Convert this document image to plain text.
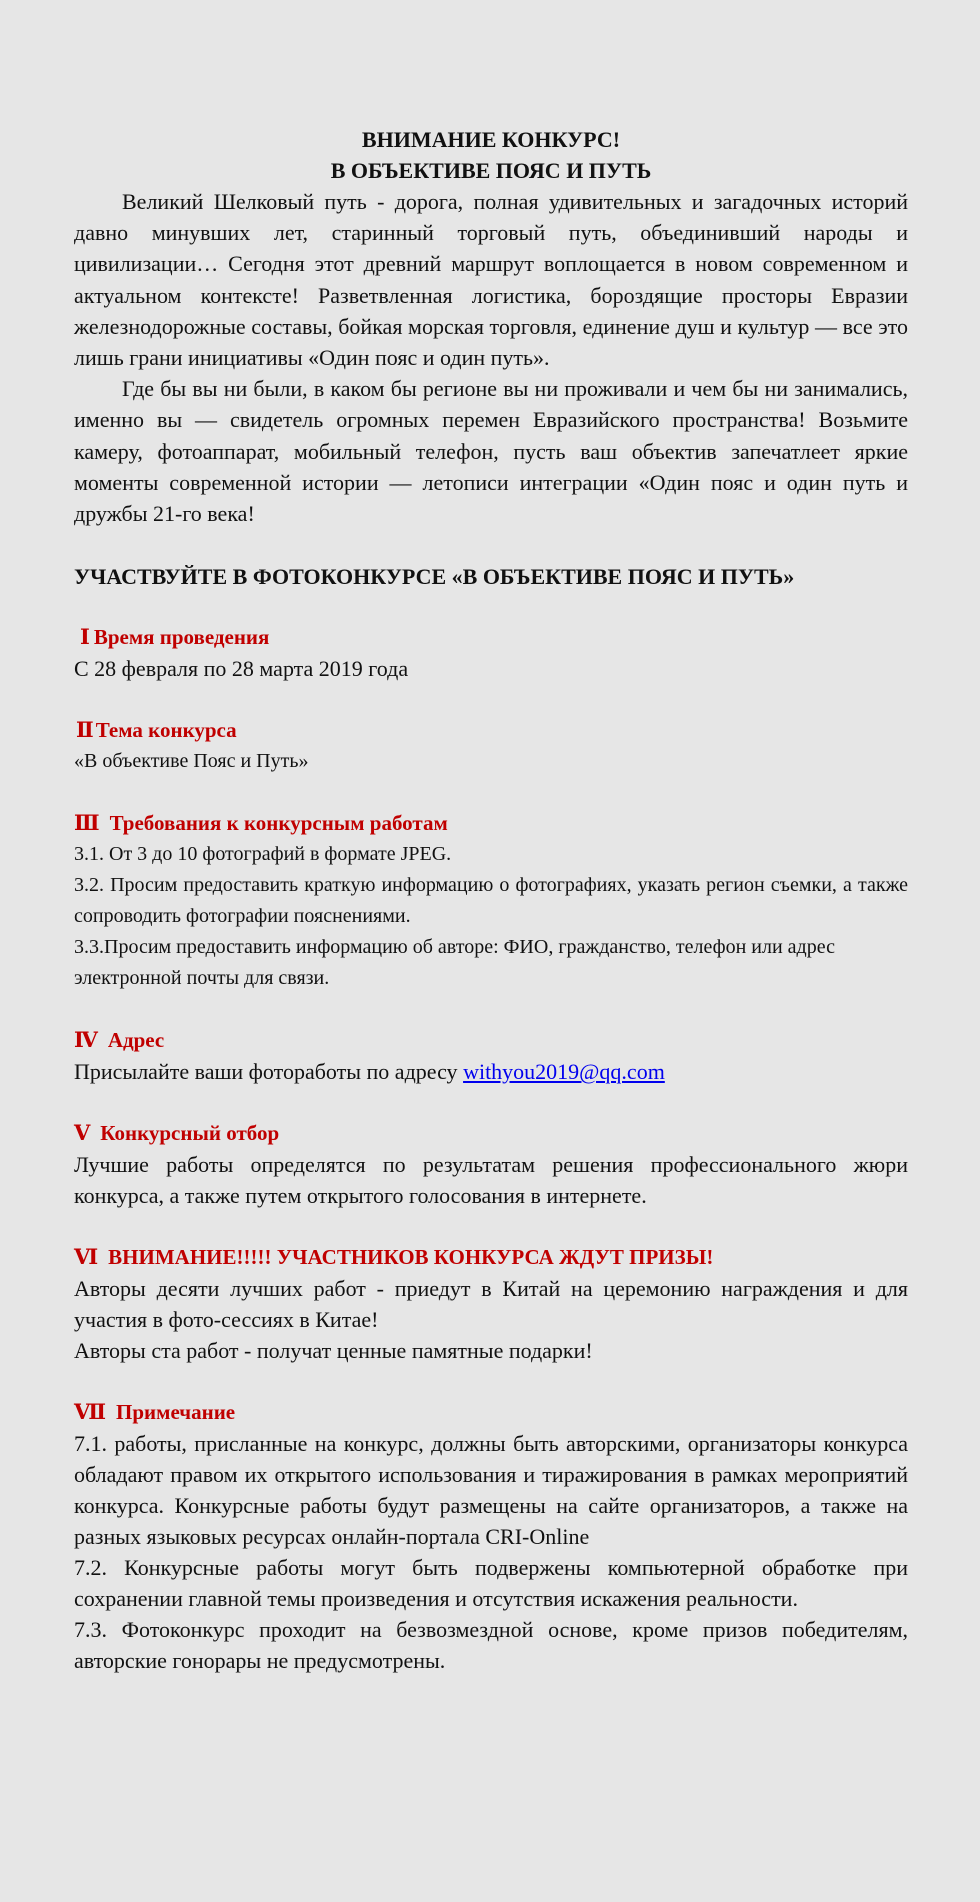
ВНИМАНИЕ КОНКУРС!
В ОБЪЕКТИВЕ ПОЯС И ПУТЬ

Великий Шелковый путь - дорога, полная удивительных и загадочных историй давно минувших лет, старинный торговый путь, объединивший народы и цивилизации… Сегодня этот древний маршрут воплощается в новом современном и актуальном контексте! Разветвленная логистика, бороздящие просторы Евразии железнодорожные составы, бойкая морская торговля, единение душ и культур — все это лишь грани инициативы «Один пояс и один путь».

Где бы вы ни были, в каком бы регионе вы ни проживали и чем бы ни занимались, именно вы — свидетель огромных перемен Евразийского пространства! Возьмите камеру, фотоаппарат, мобильный телефон, пусть ваш объектив запечатлеет яркие моменты современной истории — летописи интеграции «Один пояс и один путь и дружбы 21-го века!

УЧАСТВУЙТЕ В ФОТОКОНКУРСЕ «В ОБЪЕКТИВЕ ПОЯС И ПУТЬ»
Ⅰ Время проведения
С 28 февраля по 28 марта 2019 года
ⅡТема конкурса
«В объективе Пояс и Путь»
Ⅲ Требования к конкурсным работам
3.1. От 3 до 10 фотографий в формате JPEG.
3.2. Просим предоставить краткую информацию о фотографиях, указать регион съемки, а также сопроводить фотографии пояснениями.
3.3.Просим предоставить информацию об авторе: ФИО, гражданство, телефон или адрес электронной почты для связи.
Ⅳ Адрес
Присылайте ваши фотоработы по адресу withyou2019@qq.com
Ⅴ Конкурсный отбор
Лучшие работы определятся по результатам решения профессионального жюри конкурса, а также путем открытого голосования в интернете.
Ⅵ ВНИМАНИЕ!!!!! УЧАСТНИКОВ КОНКУРСА ЖДУТ ПРИЗЫ!
Авторы десяти лучших работ - приедут в Китай на церемонию награждения и для участия в фото-сессиях в Китае!
Авторы ста работ - получат ценные памятные подарки!
Ⅶ Примечание
7.1. работы, присланные на конкурс, должны быть авторскими, организаторы конкурса обладают правом их открытого использования и тиражирования в рамках мероприятий конкурса. Конкурсные работы будут размещены на сайте организаторов, а также на разных языковых ресурсах онлайн-портала CRI-Online
7.2. Конкурсные работы могут быть подвержены компьютерной обработке при сохранении главной темы произведения и отсутствия искажения реальности.
7.3. Фотоконкурс проходит на безвозмездной основе, кроме призов победителям, авторские гонорары не предусмотрены.
